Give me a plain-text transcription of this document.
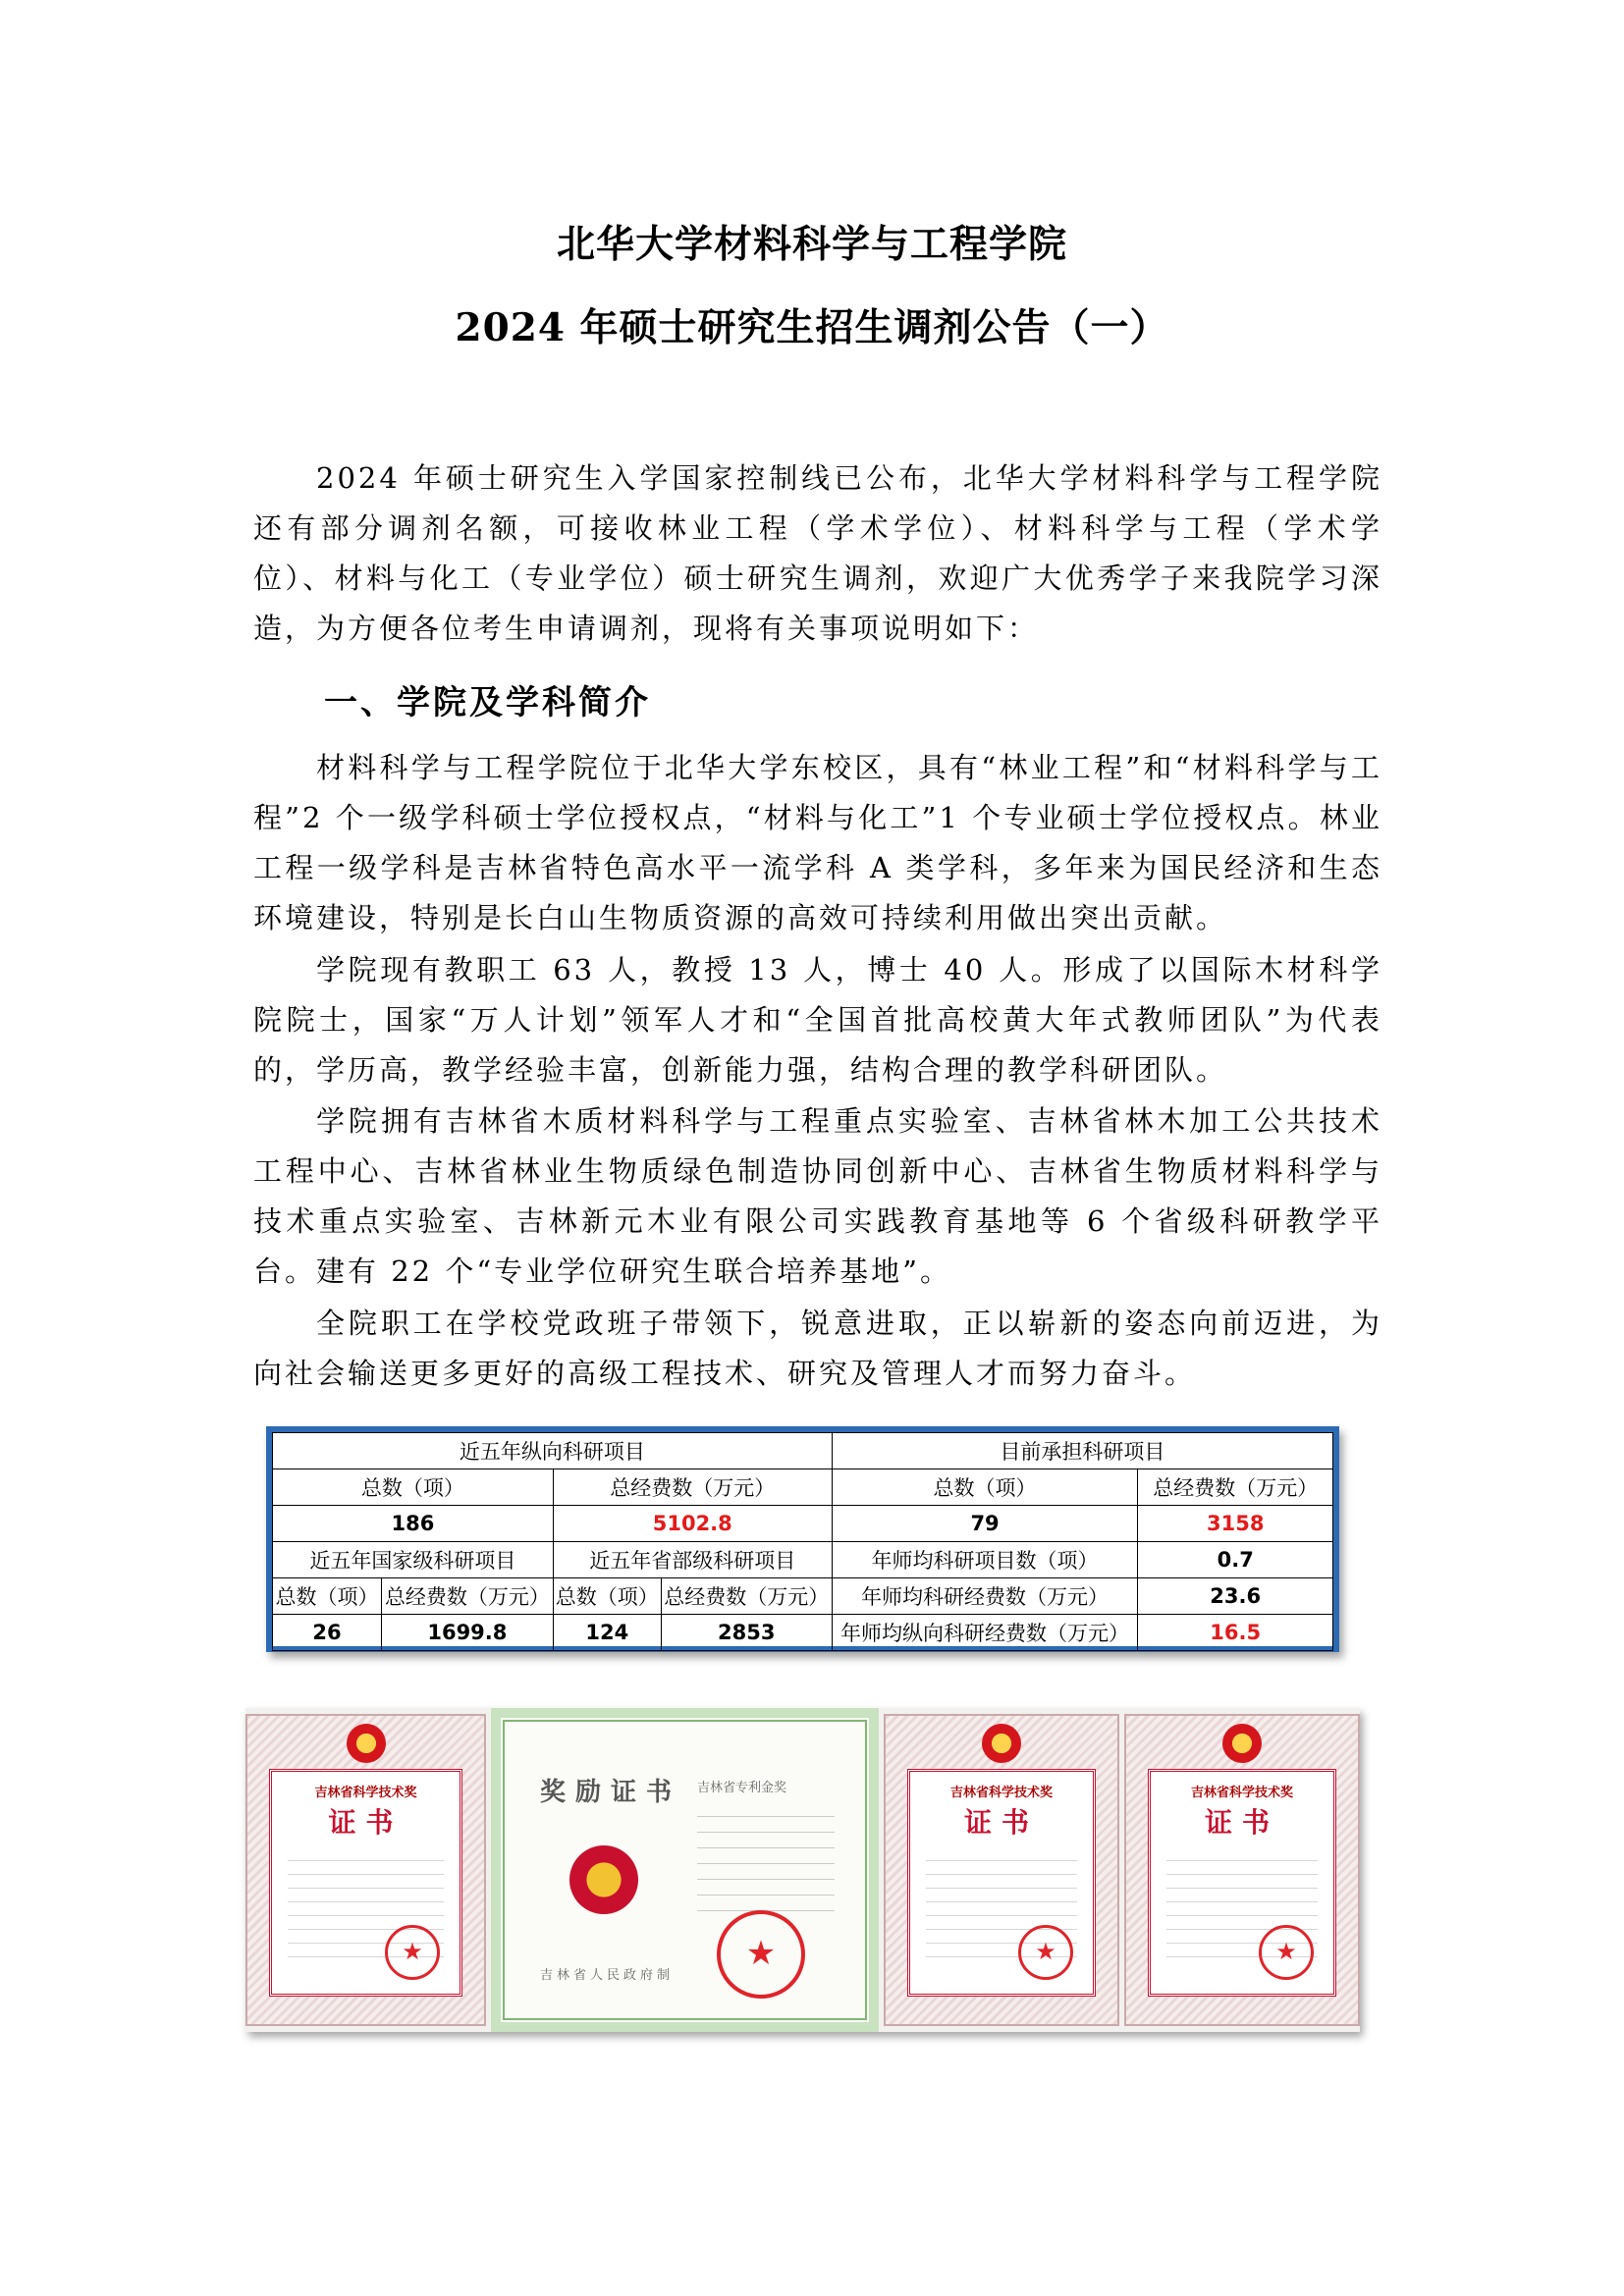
北华大学材料科学与工程学院
2024 年硕士研究生招生调剂公告（一）

2024 年硕士研究生入学国家控制线已公布，北华大学材料科学与工程学院还有部分调剂名额，可接收林业工程（学术学位）、材料科学与工程（学术学位）、材料与化工（专业学位）硕士研究生调剂，欢迎广大优秀学子来我院学习深造，为方便各位考生申请调剂，现将有关事项说明如下：

一、学院及学科简介

材料科学与工程学院位于北华大学东校区，具有“林业工程”和“材料科学与工程”2 个一级学科硕士学位授权点，“材料与化工”1 个专业硕士学位授权点。林业工程一级学科是吉林省特色高水平一流学科 A 类学科，多年来为国民经济和生态环境建设，特别是长白山生物质资源的高效可持续利用做出突出贡献。

学院现有教职工 63 人，教授 13 人，博士 40 人。形成了以国际木材科学院院士，国家“万人计划”领军人才和“全国首批高校黄大年式教师团队”为代表的，学历高，教学经验丰富，创新能力强，结构合理的教学科研团队。

学院拥有吉林省木质材料科学与工程重点实验室、吉林省林木加工公共技术工程中心、吉林省林业生物质绿色制造协同创新中心、吉林省生物质材料科学与技术重点实验室、吉林新元木业有限公司实践教育基地等 6 个省级科研教学平台。建有 22 个“专业学位研究生联合培养基地”。

全院职工在学校党政班子带领下，锐意进取，正以崭新的姿态向前迈进，为向社会输送更多更好的高级工程技术、研究及管理人才而努力奋斗。

近五年纵向科研项目				目前承担科研项目	
总数（项）		总经费数（万元）		总数（项）	总经费数（万元）
186		5102.8		79	3158
近五年国家级科研项目		近五年省部级科研项目		年师均科研项目数（项）	0.7
总数（项）	总经费数（万元）	总数（项）	总经费数（万元）	年师均科研经费数（万元）	23.6
26	1699.8	124	2853	年师均纵向科研经费数（万元）	16.5
吉林省科学技术奖
证书
★
奖励证书 吉林省专利金奖
吉林省人民政府制
★
吉林省科学技术奖
证书
★
吉林省科学技术奖
证书
★
